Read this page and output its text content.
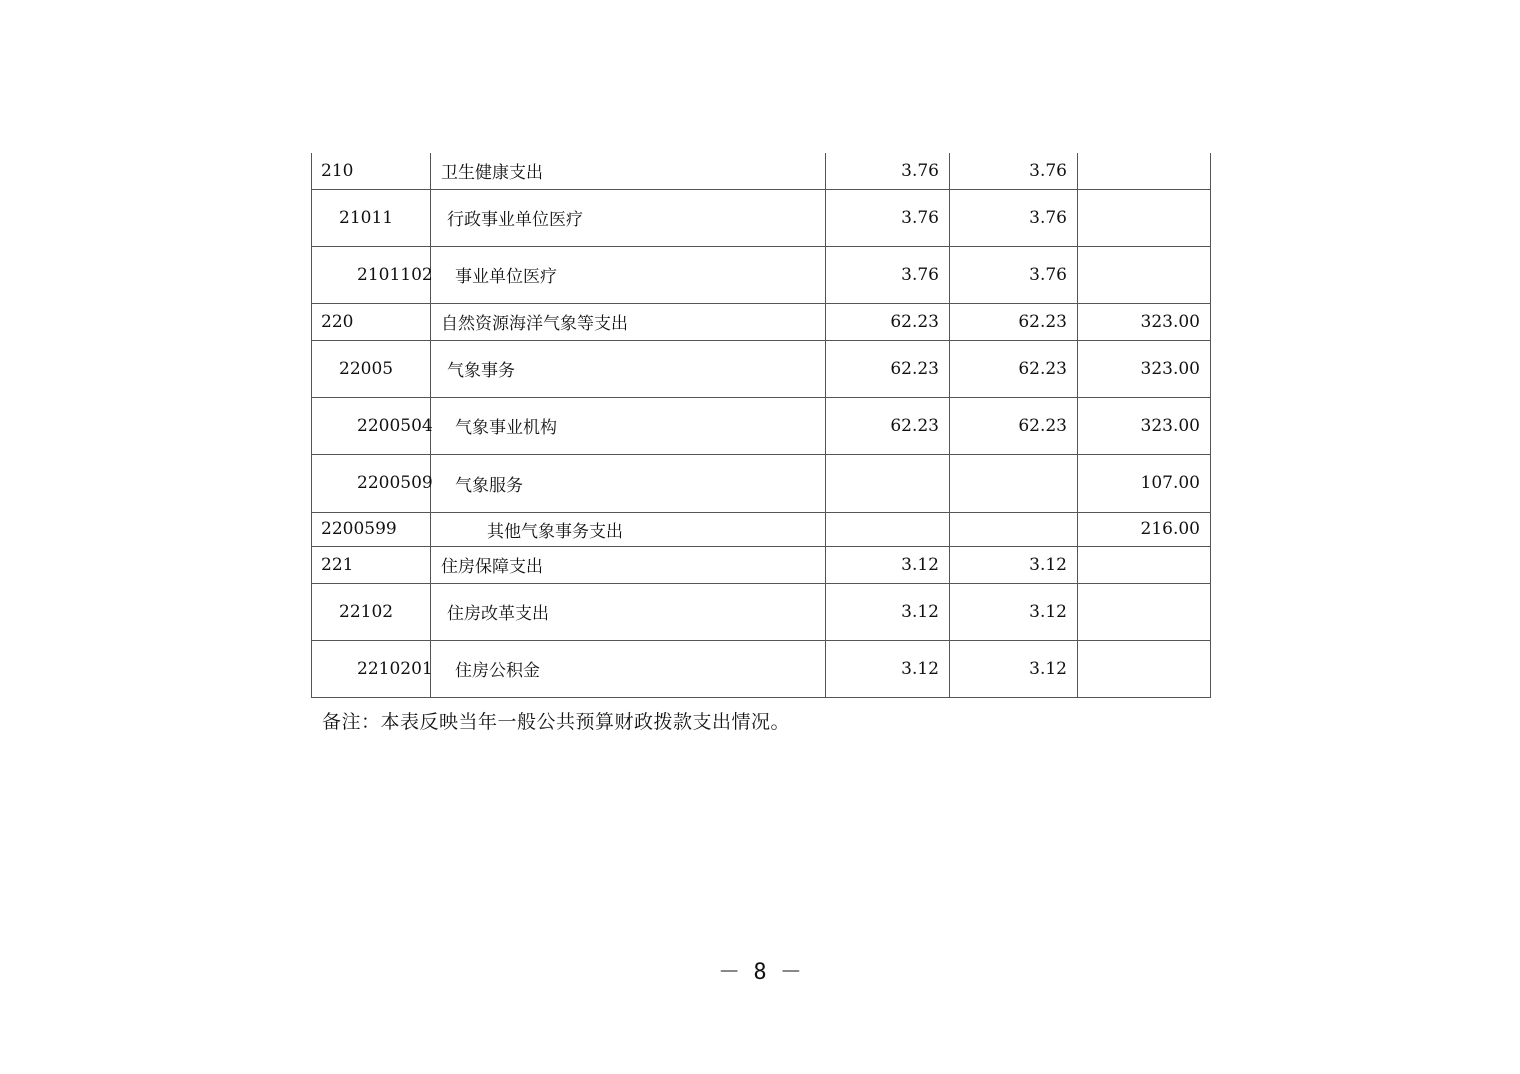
210	卫生健康支出	3.76	3.76	
21011	行政事业单位医疗	3.76	3.76	
2101102	事业单位医疗	3.76	3.76	
220	自然资源海洋气象等支出	62.23	62.23	323.00
22005	气象事务	62.23	62.23	323.00
2200504	气象事业机构	62.23	62.23	323.00
2200509	气象服务			107.00
2200599	其他气象事务支出			216.00
221	住房保障支出	3.12	3.12	
22102	住房改革支出	3.12	3.12	
2210201	住房公积金	3.12	3.12	
备注：本表反映当年一般公共预算财政拨款支出情况。
－ 8 －
